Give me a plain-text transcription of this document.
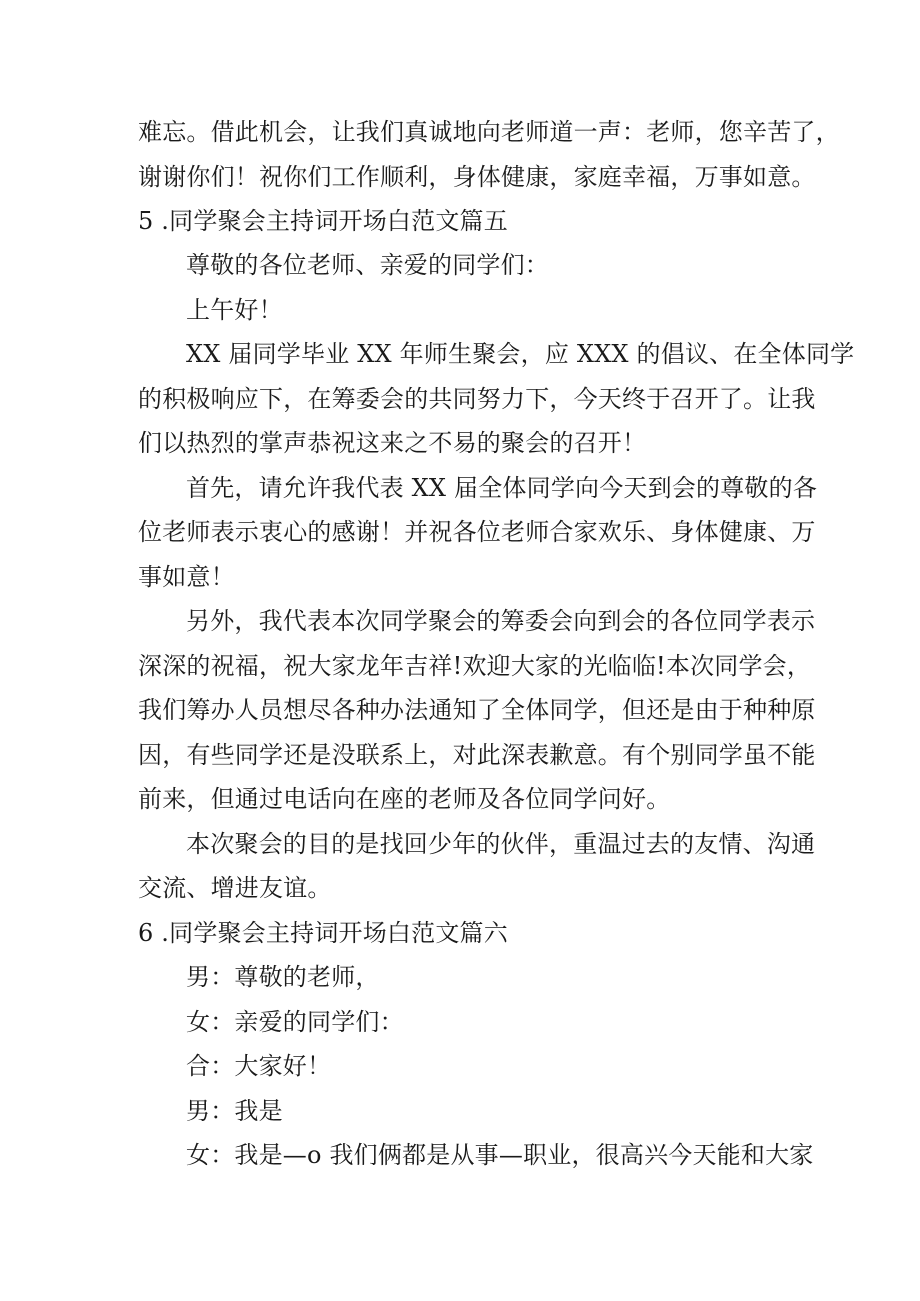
难忘。借此机会，让我们真诚地向老师道一声：老师，您辛苦了，
谢谢你们！祝你们工作顺利，身体健康，家庭幸福，万事如意。
5 .同学聚会主持词开场白范文篇五
尊敬的各位老师、亲爱的同学们：
上午好！
XX 届同学毕业 XX 年师生聚会，应 XXX 的倡议、在全体同学
的积极响应下，在筹委会的共同努力下，今天终于召开了。让我
们以热烈的掌声恭祝这来之不易的聚会的召开！
首先，请允许我代表 XX 届全体同学向今天到会的尊敬的各
位老师表示衷心的感谢！并祝各位老师合家欢乐、身体健康、万
事如意！
另外，我代表本次同学聚会的筹委会向到会的各位同学表示
深深的祝福，祝大家龙年吉祥!欢迎大家的光临临!本次同学会，
我们筹办人员想尽各种办法通知了全体同学，但还是由于种种原
因，有些同学还是没联系上，对此深表歉意。有个别同学虽不能
前来，但通过电话向在座的老师及各位同学问好。
本次聚会的目的是找回少年的伙伴，重温过去的友情、沟通
交流、增进友谊。
6 .同学聚会主持词开场白范文篇六
男：尊敬的老师，
女：亲爱的同学们：
合：大家好！
男：我是
女：我是—o 我们俩都是从事—职业，很高兴今天能和大家
